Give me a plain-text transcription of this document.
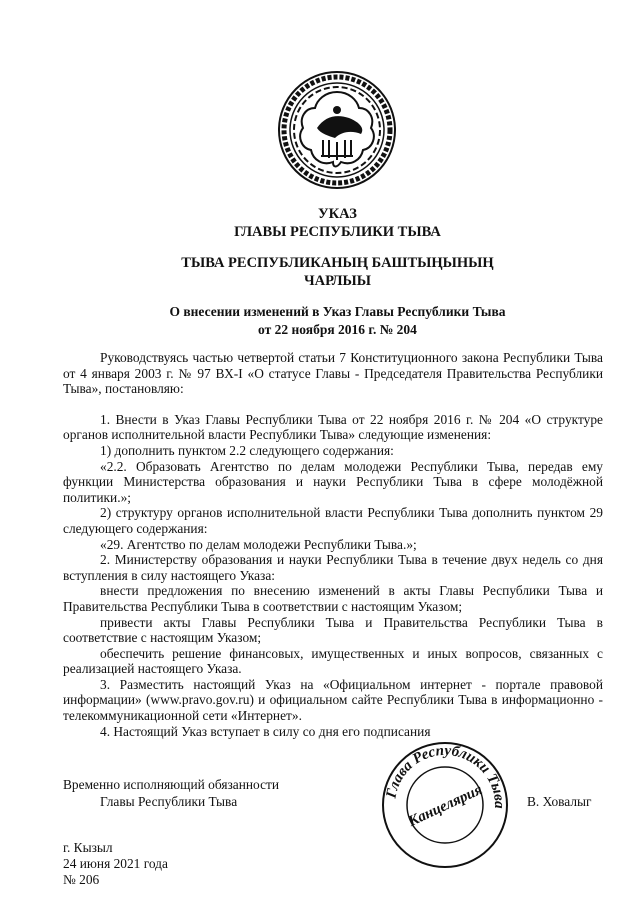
УКАЗ
ГЛАВЫ РЕСПУБЛИКИ ТЫВА
ТЫВА РЕСПУБЛИКАНЫҢ БАШТЫҢЫНЫҢ
ЧАРЛЫЫ
О внесении изменений в Указ Главы Республики Тыва
от 22 ноября 2016 г. № 204

Руководствуясь частью четвертой статьи 7 Конституционного закона Республики Тыва от 4 января 2003 г. № 97 ВХ-I «О статусе Главы - Председателя Правительства Республики Тыва», постановляю:

1. Внести в Указ Главы Республики Тыва от 22 ноября 2016 г. № 204 «О структуре органов исполнительной власти Республики Тыва» следующие изменения:

1) дополнить пунктом 2.2 следующего содержания:

«2.2. Образовать Агентство по делам молодежи Республики Тыва, передав ему функции Министерства образования и науки Республики Тыва в сфере молодёжной политики.»;

2) структуру органов исполнительной власти Республики Тыва дополнить пунктом 29 следующего содержания:

«29. Агентство по делам молодежи Республики Тыва.»;

2. Министерству образования и науки Республики Тыва в течение двух недель со дня вступления в силу настоящего Указа:

внести предложения по внесению изменений в акты Главы Республики Тыва и Правительства Республики Тыва в соответствии с настоящим Указом;

привести акты Главы Республики Тыва и Правительства Республики Тыва в соответствие с настоящим Указом;

обеспечить решение финансовых, имущественных и иных вопросов, связанных с реализацией настоящего Указа.

3. Разместить настоящий Указ на «Официальном интернет - портале правовой информации» (www.pravo.gov.ru) и официальном сайте Республики Тыва в информационно - телекоммуникационной сети «Интернет».

4. Настоящий Указ вступает в силу со дня его подписания

Временно исполняющий обязанности
Главы Республики Тыва
Глава Республики Тыва
Канцелярия	В. Ховалыг
г. Кызыл
24 июня 2021 года
№ 206
